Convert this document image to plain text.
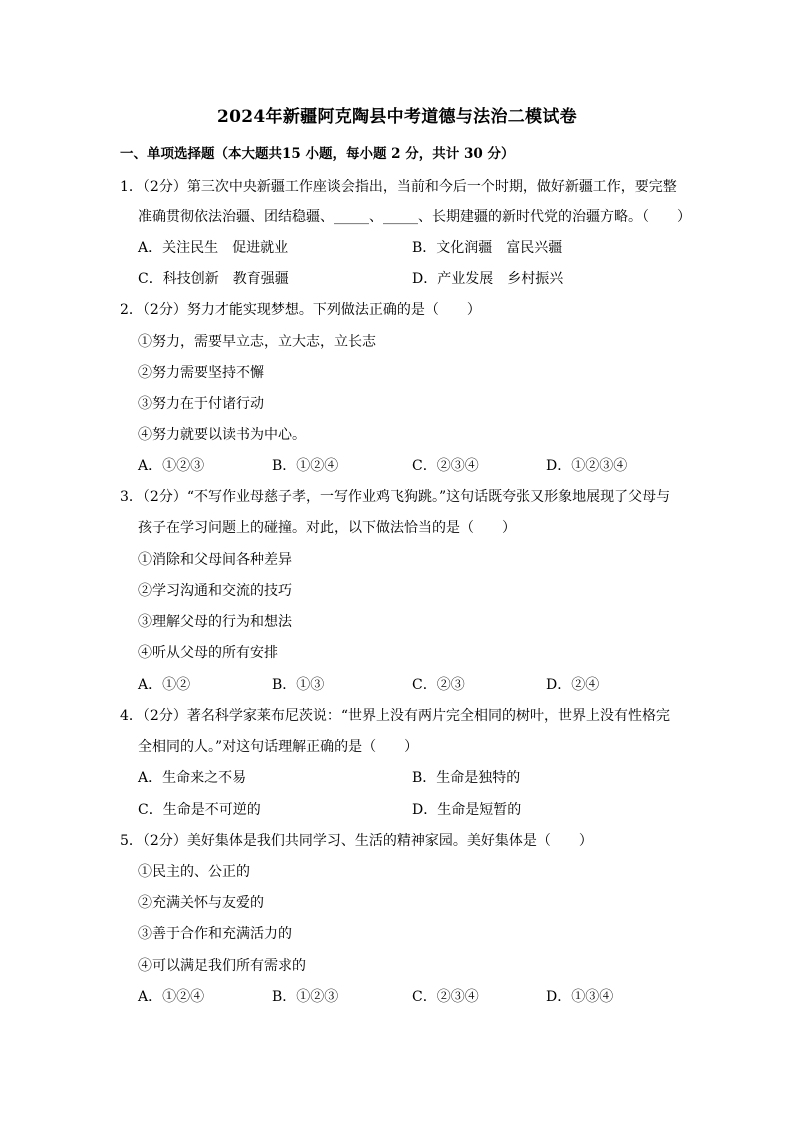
2024年新疆阿克陶县中考道德与法治二模试卷
一、单项选择题（本大题共15 小题，每小题 2 分，共计 30 分）
1．（2分）第三次中央新疆工作座谈会指出，当前和今后一个时期，做好新疆工作，要完整
准确贯彻依法治疆、团结稳疆、_____、_____、长期建疆的新时代党的治疆方略。（　　）
A．关注民生　促进就业	B．文化润疆　富民兴疆
C．科技创新　教育强疆	D．产业发展　乡村振兴
2．（2分）努力才能实现梦想。下列做法正确的是（　　）
①努力，需要早立志，立大志，立长志
②努力需要坚持不懈
③努力在于付诸行动
④努力就要以读书为中心。
A．①②③	B．①②④	C．②③④	D．①②③④
3．（2分）“不写作业母慈子孝，一写作业鸡飞狗跳。”这句话既夸张又形象地展现了父母与
孩子在学习问题上的碰撞。对此，以下做法恰当的是（　　）
①消除和父母间各种差异
②学习沟通和交流的技巧
③理解父母的行为和想法
④听从父母的所有安排
A．①②	B．①③	C．②③	D．②④
4．（2分）著名科学家莱布尼茨说：“世界上没有两片完全相同的树叶，世界上没有性格完
全相同的人。”对这句话理解正确的是（　　）
A．生命来之不易	B．生命是独特的
C．生命是不可逆的	D．生命是短暂的
5．（2分）美好集体是我们共同学习、生活的精神家园。美好集体是（　　）
①民主的、公正的
②充满关怀与友爱的
③善于合作和充满活力的
④可以满足我们所有需求的
A．①②④	B．①②③	C．②③④	D．①③④
